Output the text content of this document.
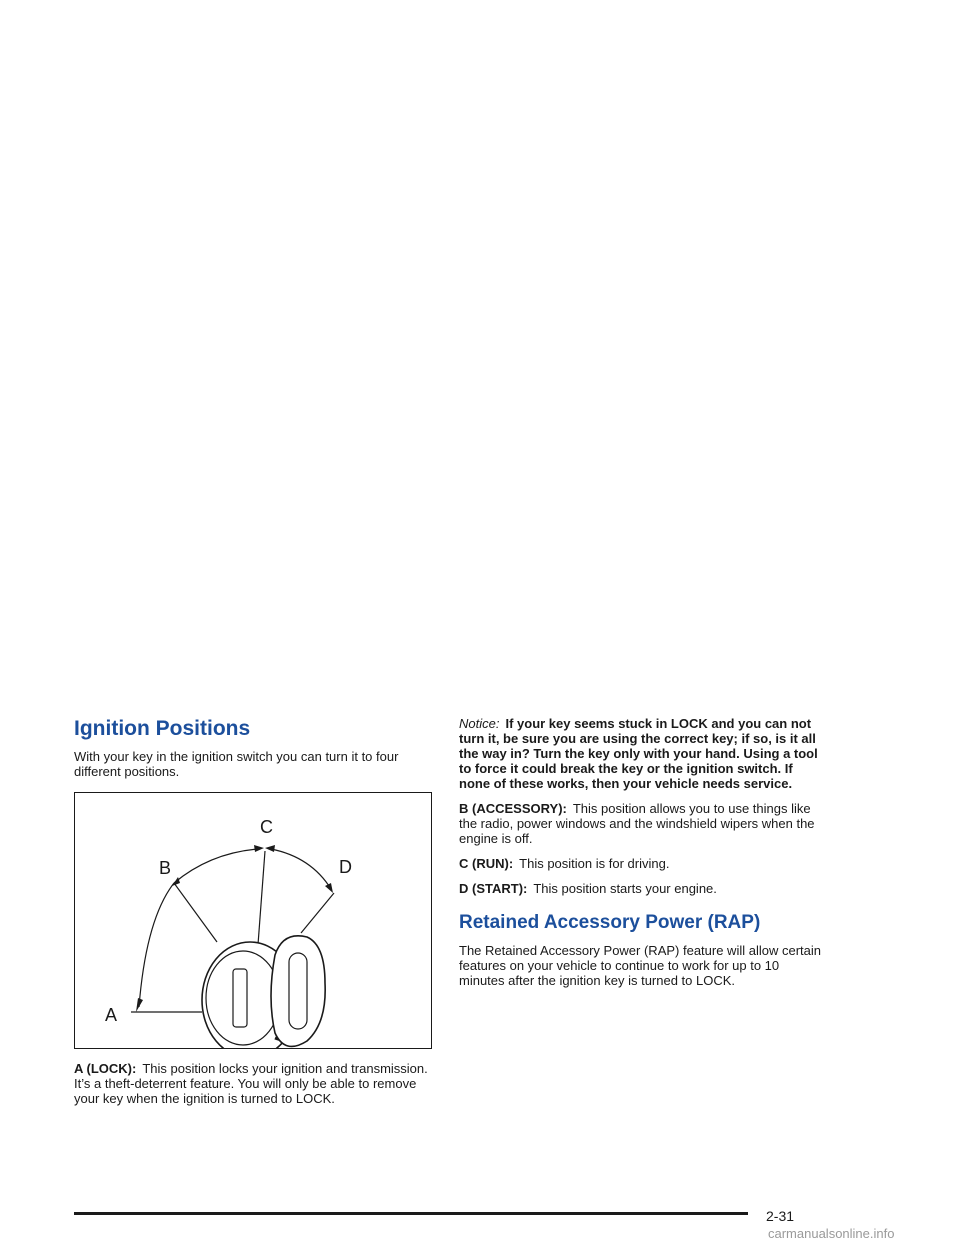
Ignition Positions

With your key in the ignition switch you can turn it to four different positions.

A
B
C
D

A (LOCK): This position locks your ignition and transmission. It’s a theft-deterrent feature. You will only be able to remove your key when the ignition is turned to LOCK.

Notice: If your key seems stuck in LOCK and you can not turn it, be sure you are using the correct key; if so, is it all the way in? Turn the key only with your hand. Using a tool to force it could break the key or the ignition switch. If none of these works, then your vehicle needs service.

B (ACCESSORY): This position allows you to use things like the radio, power windows and the windshield wipers when the engine is off.

C (RUN): This position is for driving.

D (START): This position starts your engine.

Retained Accessory Power (RAP)

The Retained Accessory Power (RAP) feature will allow certain features on your vehicle to continue to work for up to 10 minutes after the ignition key is turned to LOCK.

2-31
carmanualsonline.info
